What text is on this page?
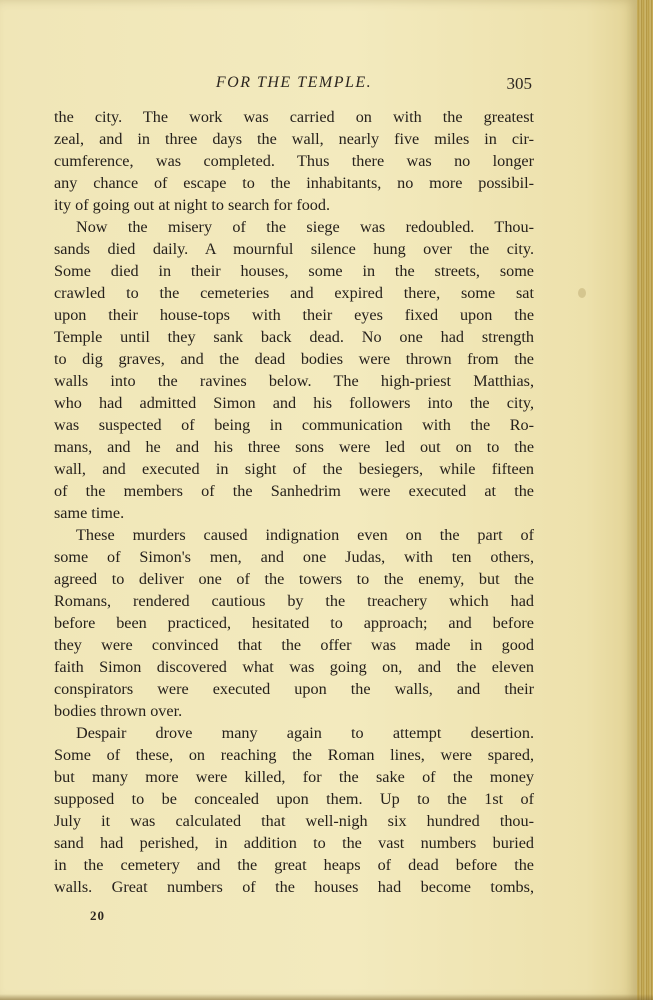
FOR THE TEMPLE.	305

the city. The work was carried on with the greatest

zeal, and in three days the wall, nearly five miles in cir-

cumference, was completed. Thus there was no longer

any chance of escape to the inhabitants, no more possibil-

ity of going out at night to search for food.

Now the misery of the siege was redoubled. Thou-

sands died daily. A mournful silence hung over the city.

Some died in their houses, some in the streets, some

crawled to the cemeteries and expired there, some sat

upon their house-tops with their eyes fixed upon the

Temple until they sank back dead. No one had strength

to dig graves, and the dead bodies were thrown from the

walls into the ravines below. The high-priest Matthias,

who had admitted Simon and his followers into the city,

was suspected of being in communication with the Ro-

mans, and he and his three sons were led out on to the

wall, and executed in sight of the besiegers, while fifteen

of the members of the Sanhedrim were executed at the

same time.

These murders caused indignation even on the part of

some of Simon's men, and one Judas, with ten others,

agreed to deliver one of the towers to the enemy, but the

Romans, rendered cautious by the treachery which had

before been practiced, hesitated to approach; and before

they were convinced that the offer was made in good

faith Simon discovered what was going on, and the eleven

conspirators were executed upon the walls, and their

bodies thrown over.

Despair drove many again to attempt desertion.

Some of these, on reaching the Roman lines, were spared,

but many more were killed, for the sake of the money

supposed to be concealed upon them. Up to the 1st of

July it was calculated that well-nigh six hundred thou-

sand had perished, in addition to the vast numbers buried

in the cemetery and the great heaps of dead before the

walls. Great numbers of the houses had become tombs,

20
